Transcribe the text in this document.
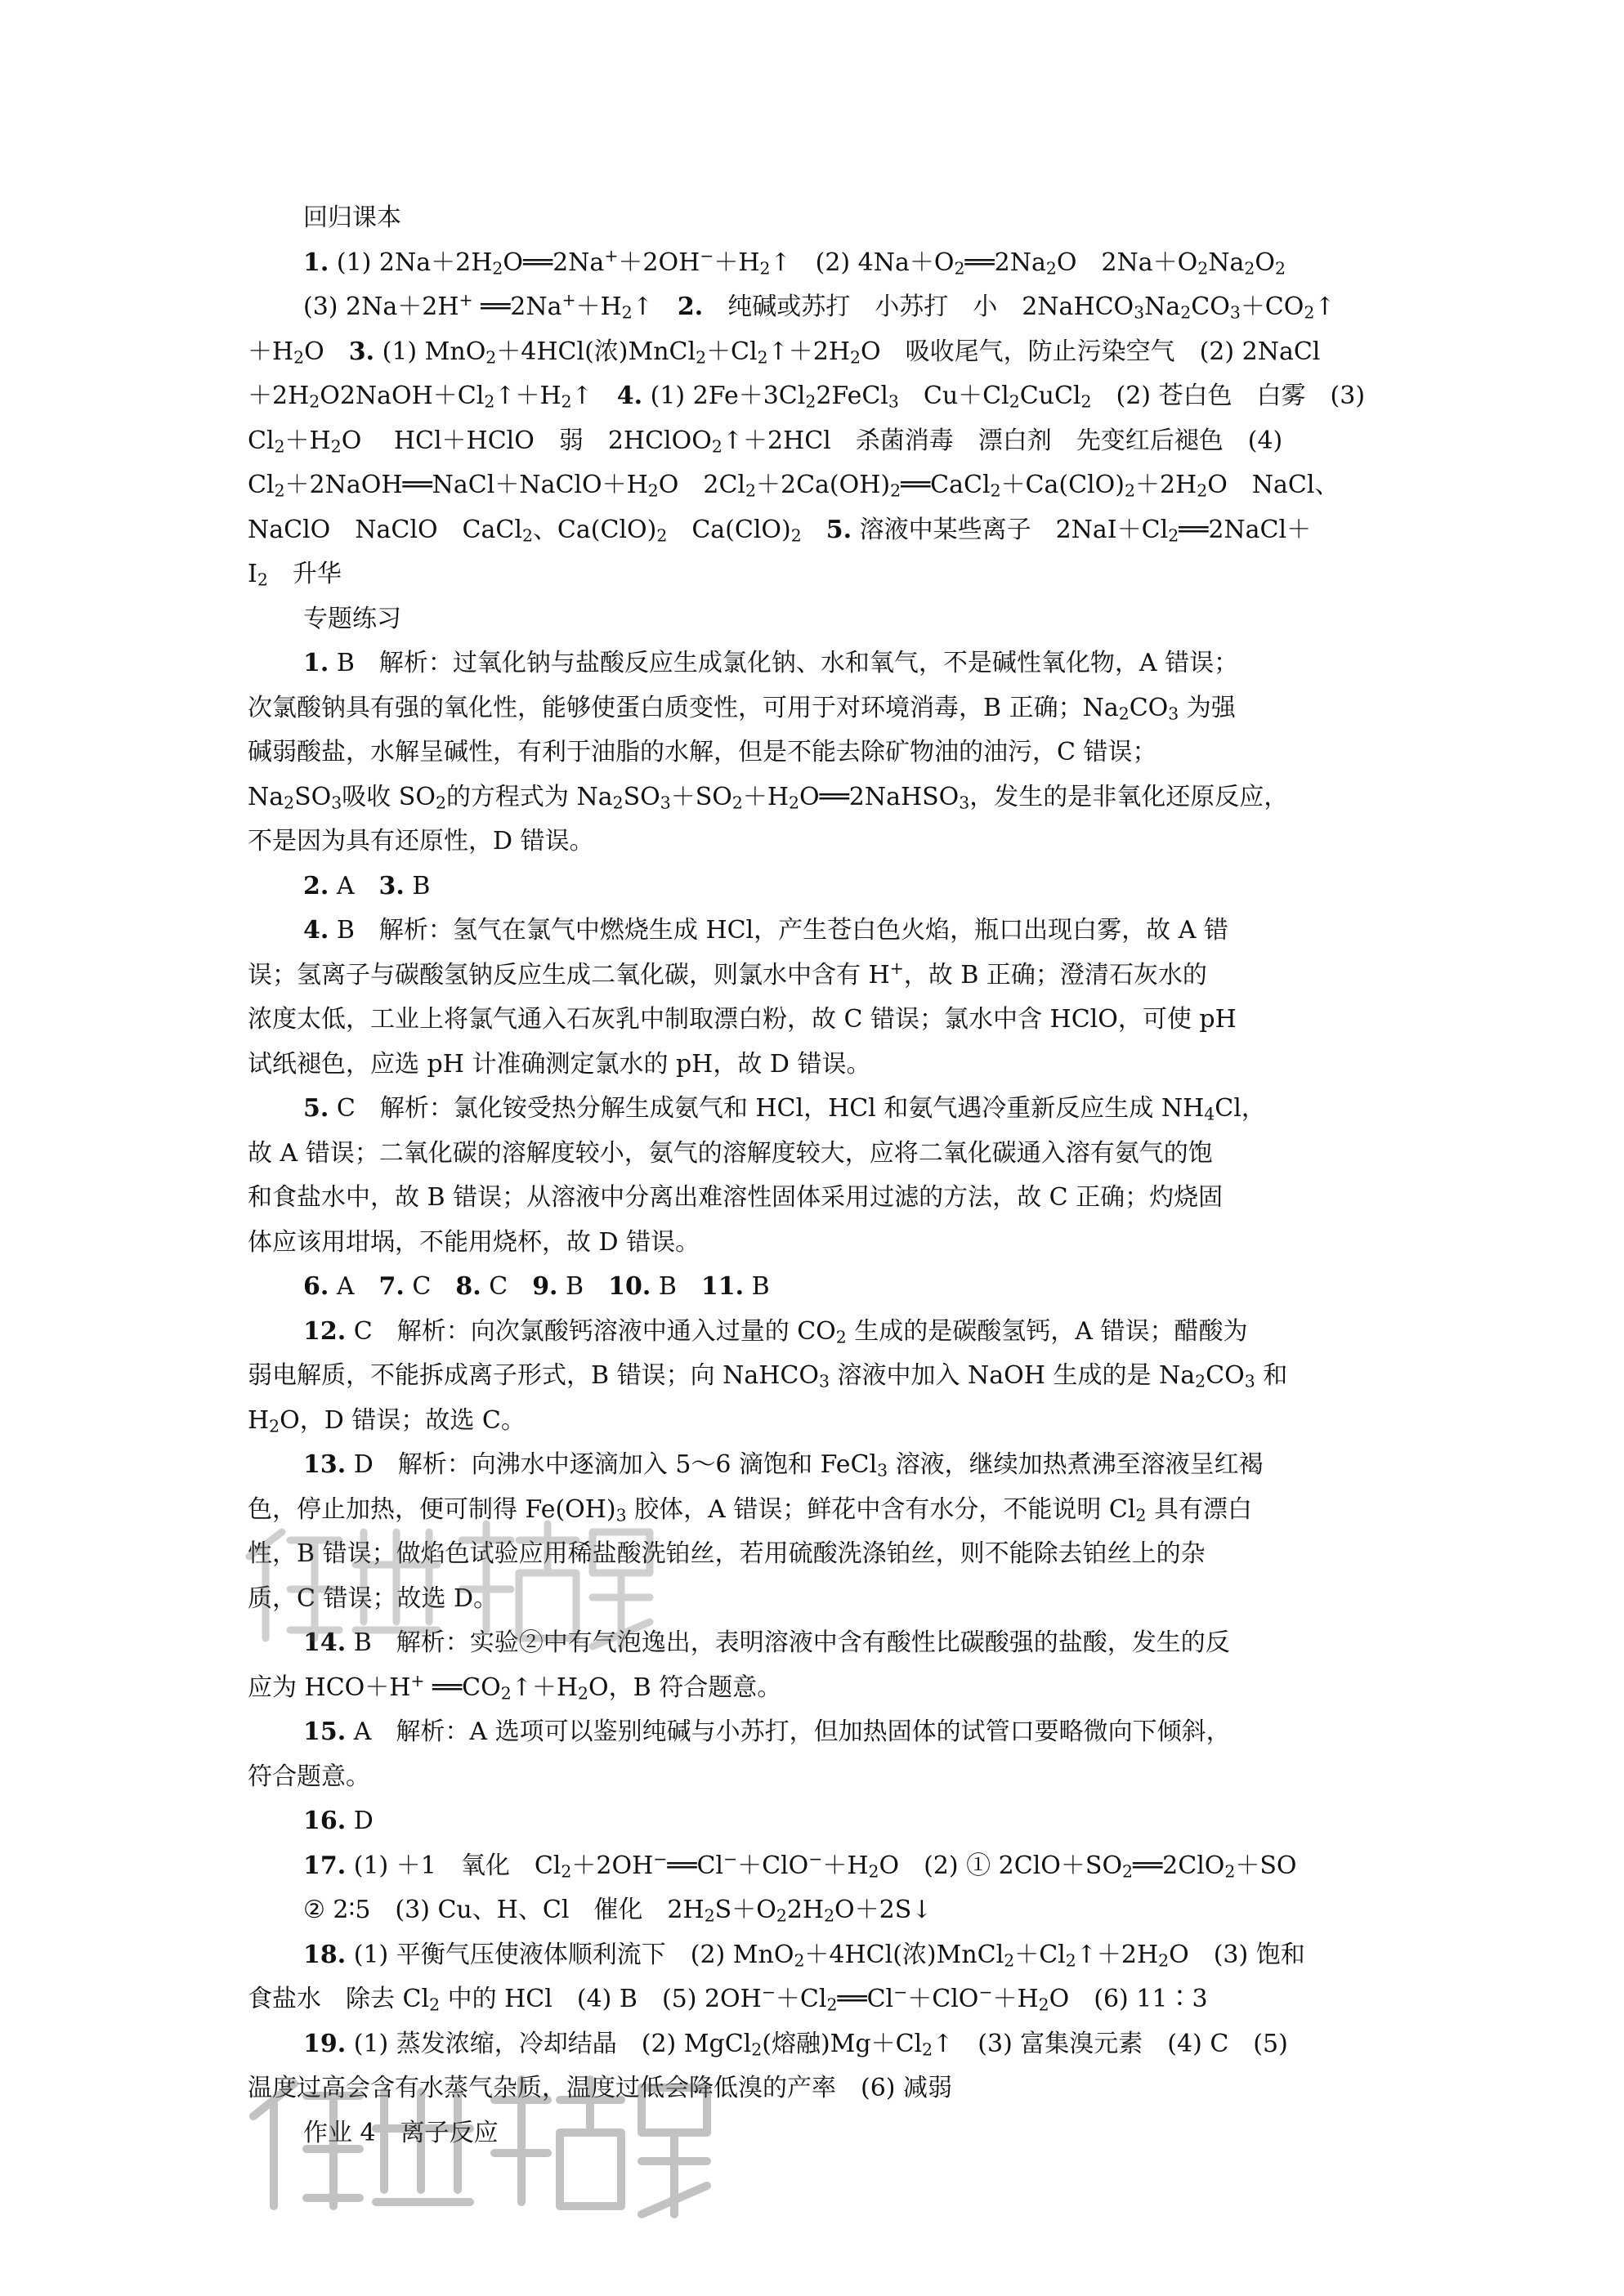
回归课本
1. (1) $2Na+2H_2O══2Na^++2OH^-+H_2↑$　(2) $4Na+O_2══2Na_2O$　$2Na+O_2Na_2O_2$
(3) 2Na＋2H+ $══2Na^++H_2↑$　2.　纯碱或苏打　小苏打　小　$2NaHCO_3Na_2CO_3+CO_2↑$
$+H_2O$　3. (1) MnO$_2$＋4HCl(浓)$MnCl_2+Cl_2↑+2H_2O$　吸收尾气，防止污染空气　(2) 2NaCl
$+2H_2O2NaOH+Cl_2↑+H_2↑$　4. (1) $2Fe+3Cl_22FeCl_3$　$Cu+Cl_2CuCl_2$　(2) 苍白色　白雾　(3)
$Cl_2+H_2O$　 HCl＋HClO　弱　2HClOO$_2$↑＋2HCl　杀菌消毒　漂白剂　先变红后褪色　(4)
$Cl_2+2NaOH══NaCl+NaClO+H_2O$　$2Cl_2+2Ca(OH)_2══CaCl_2+Ca(ClO)_2+2H_2O$　NaCl、
NaClO　NaClO　CaCl$_2$、$Ca(ClO)_2$　$Ca(ClO)_2$　 5. 溶液中某些离子　$2NaI+Cl_2══2NaCl+$
$I_2$　升华
专题练习
1. B　解析：过氧化钠与盐酸反应生成氯化钠、水和氧气，不是碱性氧化物，A 错误；
次氯酸钠具有强的氧化性，能够使蛋白质变性，可用于对环境消毒，B 正确；$Na_2CO_3$ 为强
碱弱酸盐，水解呈碱性，有利于油脂的水解，但是不能去除矿物油的油污，C 错误；
$Na_2SO_3$吸收 $SO_2$的方程式为 $Na_2SO_3+SO_2+H_2O══2NaHSO_3$，发生的是非氧化还原反应，
不是因为具有还原性，D 错误。
2. A　3. B
4. B　解析：氢气在氯气中燃烧生成 HCl，产生苍白色火焰，瓶口出现白雾，故 A 错
误；氢离子与碳酸氢钠反应生成二氧化碳，则氯水中含有 H+，故 B 正确；澄清石灰水的
浓度太低，工业上将氯气通入石灰乳中制取漂白粉，故 C 错误；氯水中含 HClO，可使 pH
试纸褪色，应选 pH 计准确测定氯水的 pH，故 D 错误。
5. C　解析：氯化铵受热分解生成氨气和 HCl，HCl 和氨气遇冷重新反应生成 $NH_4Cl$，
故 A 错误；二氧化碳的溶解度较小，氨气的溶解度较大，应将二氧化碳通入溶有氨气的饱
和食盐水中，故 B 错误；从溶液中分离出难溶性固体采用过滤的方法，故 C 正确；灼烧固
体应该用坩埚，不能用烧杯，故 D 错误。
6. A　7. C　8. C　9. B　10. B　11. B
12. C　解析：向次氯酸钙溶液中通入过量的 $CO_2$ 生成的是碳酸氢钙，A 错误；醋酸为
弱电解质，不能拆成离子形式，B 错误；向 NaHCO$_3$ 溶液中加入 NaOH 生成的是 $Na_2CO_3$ 和
$H_2O$，D 错误；故选 C。
13. D　解析：向沸水中逐滴加入 5～6 滴饱和 FeCl$_3$ 溶液，继续加热煮沸至溶液呈红褐
色，停止加热，便可制得 $Fe(OH)_3$ 胶体，A 错误；鲜花中含有水分，不能说明 $Cl_2$ 具有漂白
性，B 错误；做焰色试验应用稀盐酸洗铂丝，若用硫酸洗涤铂丝，则不能除去铂丝上的杂
质，C 错误；故选 D。
14. B　解析：实验②中有气泡逸出，表明溶液中含有酸性比碳酸强的盐酸，发生的反
应为 HCO＋H+ $══CO_2↑+H_2O$，B 符合题意。
15. A　解析：A 选项可以鉴别纯碱与小苏打，但加热固体的试管口要略微向下倾斜，
符合题意。
16. D
17. (1) ＋1　氧化　$Cl_2+2OH^-══Cl^-+ClO^-+H_2O$　(2) ① $2ClO+SO_2══2ClO_2+SO$
② 2∶5　(3) Cu、H、Cl　催化　$2H_2S+O_22H_2O+2S↓$
18. (1) 平衡气压使液体顺利流下　(2) MnO$_2$＋4HCl(浓)$MnCl_2+Cl_2↑+2H_2O$　(3) 饱和
食盐水　除去 $Cl_2$ 中的 HCl　(4) B　(5) $2OH^-+Cl_2══Cl^-+ClO^-+H_2O$　(6) 11∶3
19. (1) 蒸发浓缩，冷却结晶　(2) MgCl$_2$(熔融)$Mg+Cl_2↑$　(3) 富集溴元素　(4) C　(5)
温度过高会含有水蒸气杂质，温度过低会降低溴的产率　(6) 减弱
作业 4　离子反应
